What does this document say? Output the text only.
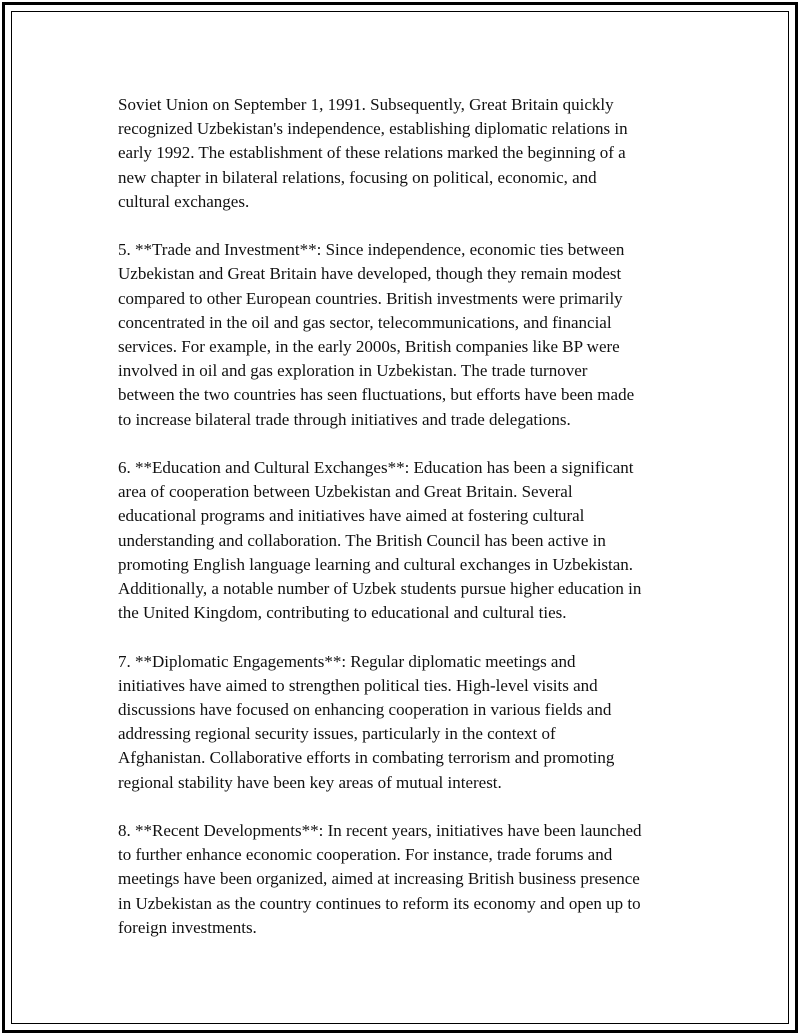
Soviet Union on September 1, 1991. Subsequently, Great Britain quickly
recognized Uzbekistan's independence, establishing diplomatic relations in
early 1992. The establishment of these relations marked the beginning of a
new chapter in bilateral relations, focusing on political, economic, and
cultural exchanges.

5. **Trade and Investment**: Since independence, economic ties between
Uzbekistan and Great Britain have developed, though they remain modest
compared to other European countries. British investments were primarily
concentrated in the oil and gas sector, telecommunications, and financial
services. For example, in the early 2000s, British companies like BP were
involved in oil and gas exploration in Uzbekistan. The trade turnover
between the two countries has seen fluctuations, but efforts have been made
to increase bilateral trade through initiatives and trade delegations.

6. **Education and Cultural Exchanges**: Education has been a significant
area of cooperation between Uzbekistan and Great Britain. Several
educational programs and initiatives have aimed at fostering cultural
understanding and collaboration. The British Council has been active in
promoting English language learning and cultural exchanges in Uzbekistan.
Additionally, a notable number of Uzbek students pursue higher education in
the United Kingdom, contributing to educational and cultural ties.

7. **Diplomatic Engagements**: Regular diplomatic meetings and
initiatives have aimed to strengthen political ties. High-level visits and
discussions have focused on enhancing cooperation in various fields and
addressing regional security issues, particularly in the context of
Afghanistan. Collaborative efforts in combating terrorism and promoting
regional stability have been key areas of mutual interest.

8. **Recent Developments**: In recent years, initiatives have been launched
to further enhance economic cooperation. For instance, trade forums and
meetings have been organized, aimed at increasing British business presence
in Uzbekistan as the country continues to reform its economy and open up to
foreign investments.
